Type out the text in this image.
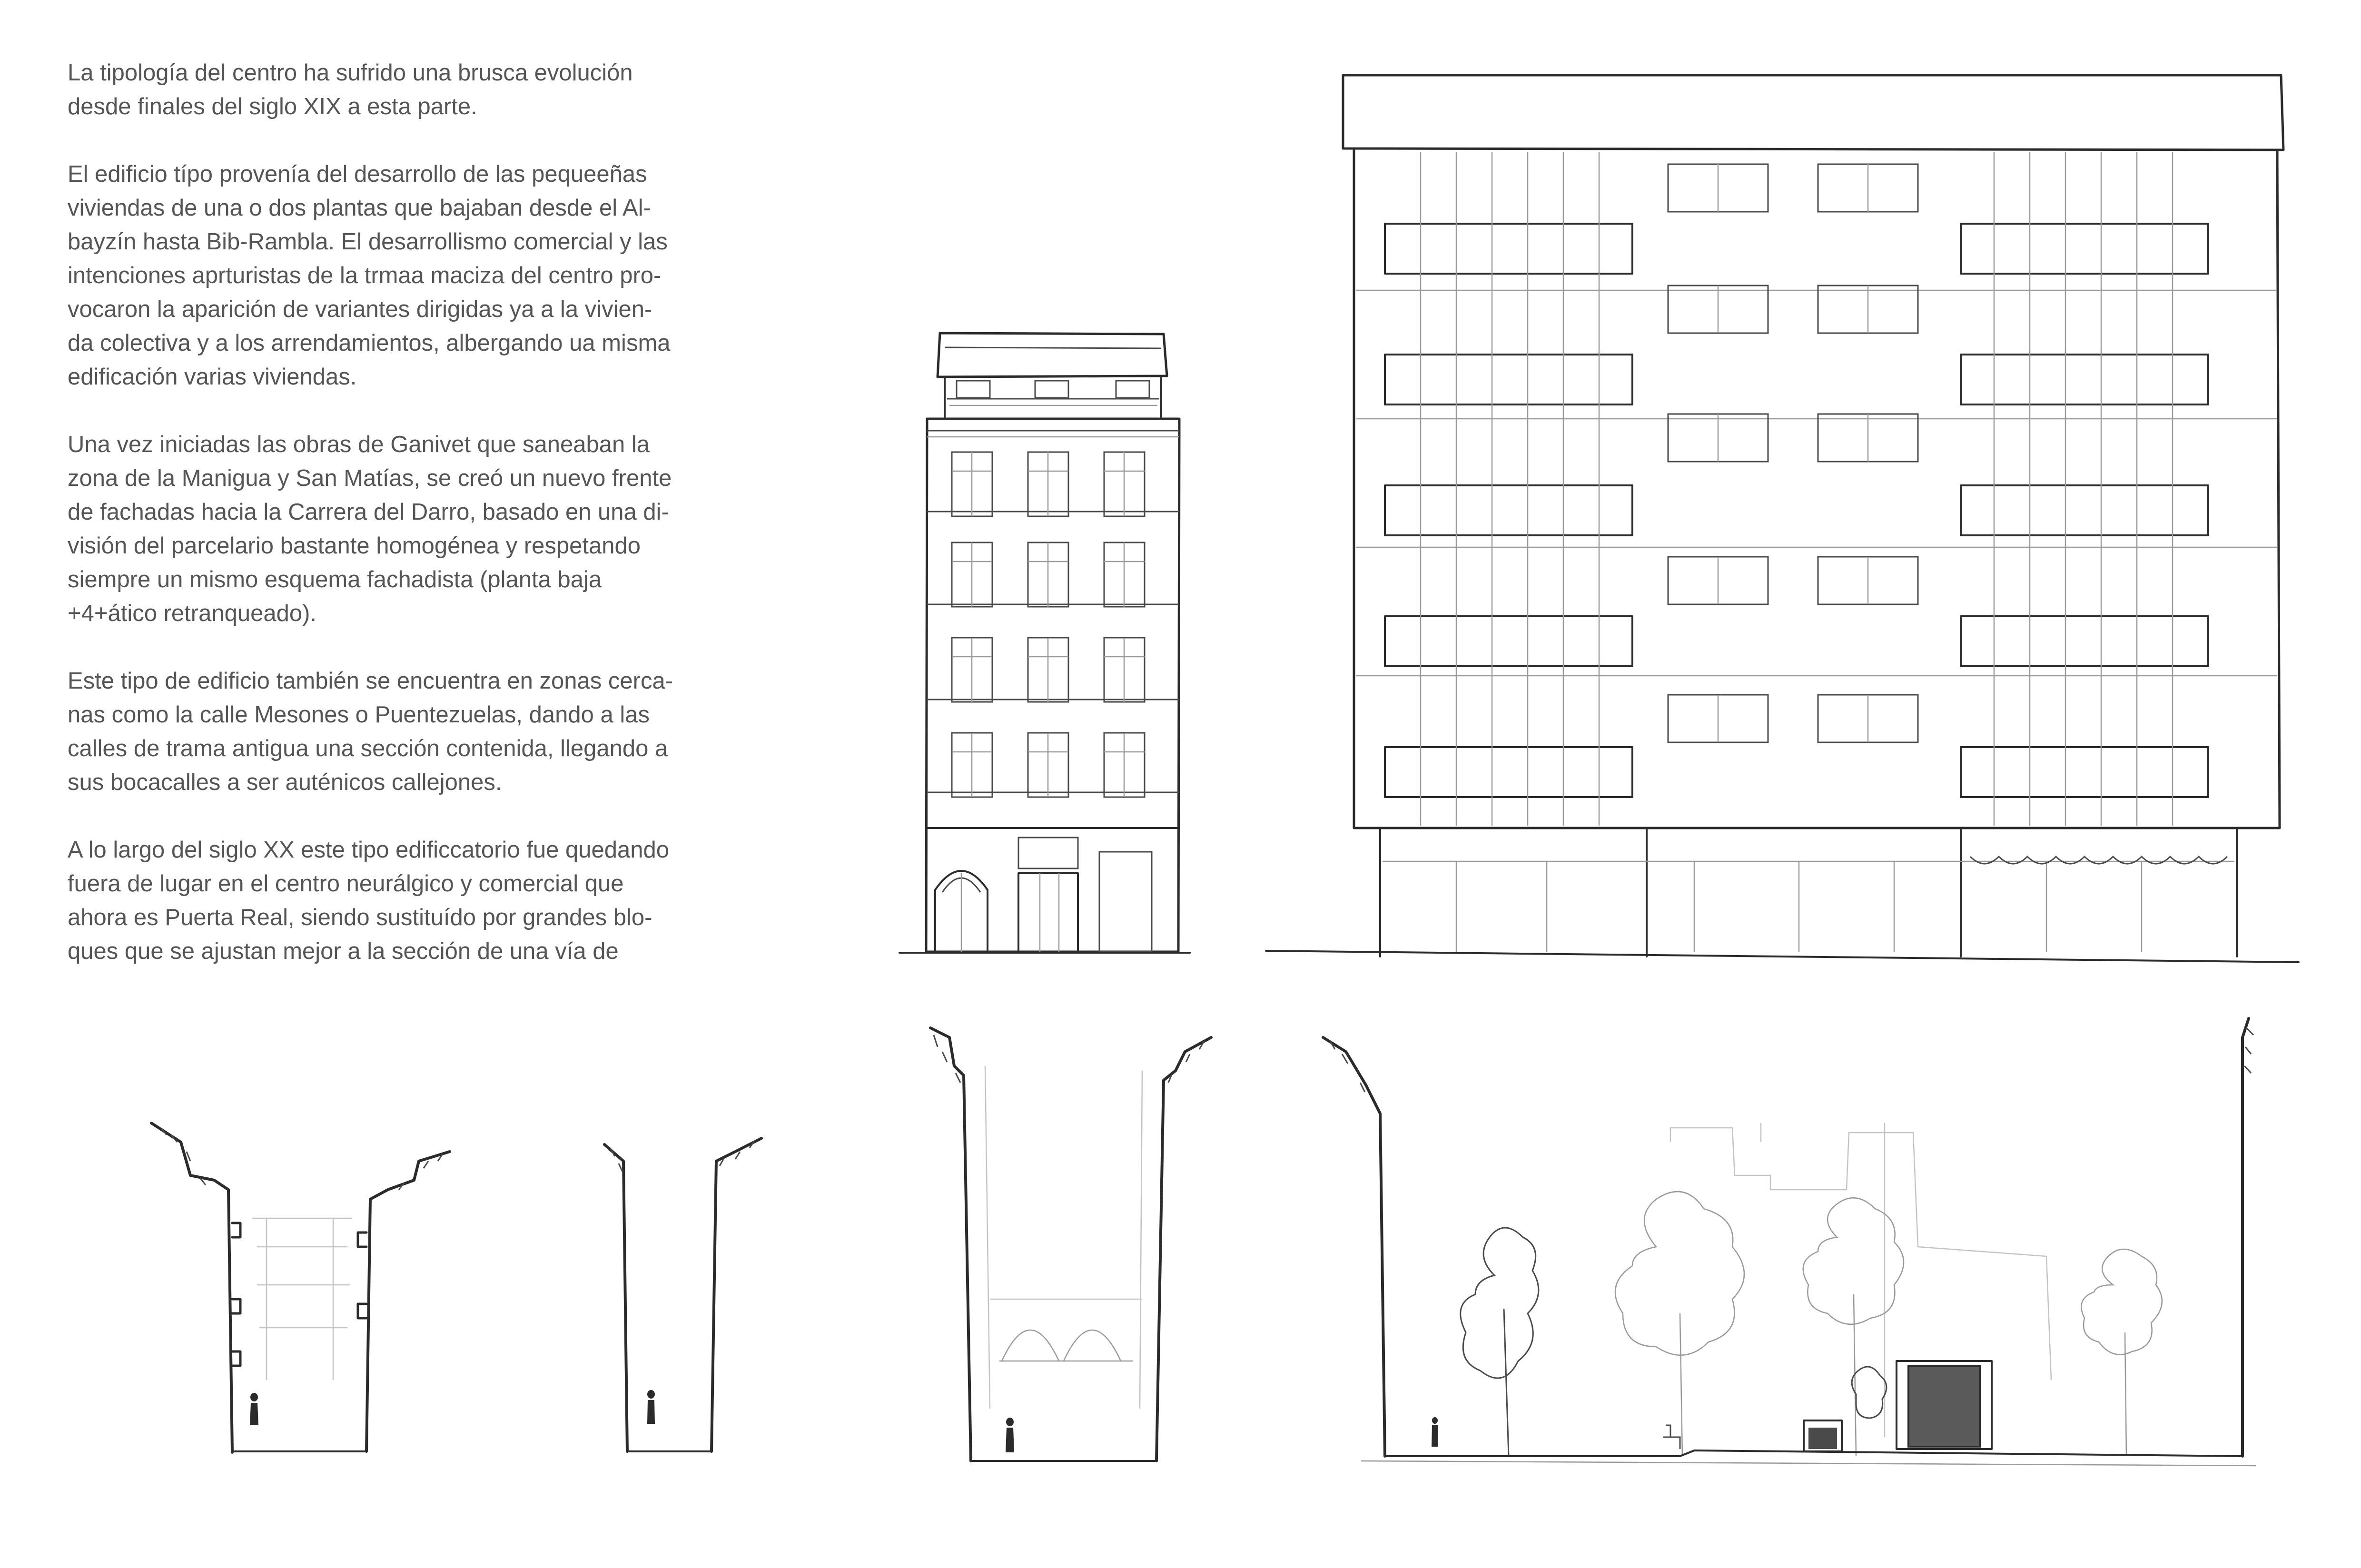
La tipología del centro ha sufrido una brusca evolución
desde finales del siglo XIX a esta parte.

El edificio típo provenía del desarrollo de las pequeeñas
viviendas de una o dos plantas que bajaban desde el Al-
bayzín hasta Bib-Rambla. El desarrollismo comercial y las
intenciones aprturistas de la trmaa maciza del centro pro-
vocaron la aparición de variantes dirigidas ya a la vivien-
da colectiva y a los arrendamientos, albergando ua misma
edificación varias viviendas.

Una vez iniciadas las obras de Ganivet que saneaban la
zona de la Manigua y San Matías, se creó un nuevo frente
de fachadas hacia la Carrera del Darro, basado en una di-
visión del parcelario bastante homogénea y respetando
siempre un mismo esquema fachadista (planta baja
+4+ático retranqueado).

Este tipo de edificio también se encuentra en zonas cerca-
nas como la calle Mesones o Puentezuelas, dando a las
calles de trama antigua una sección contenida, llegando a
sus bocacalles a ser auténicos callejones.

A lo largo del siglo XX este tipo edificcatorio fue quedando
fuera de lugar en el centro neurálgico y comercial que
ahora es Puerta Real, siendo sustituído por grandes blo-
ques que se ajustan mejor a la sección de una vía de
